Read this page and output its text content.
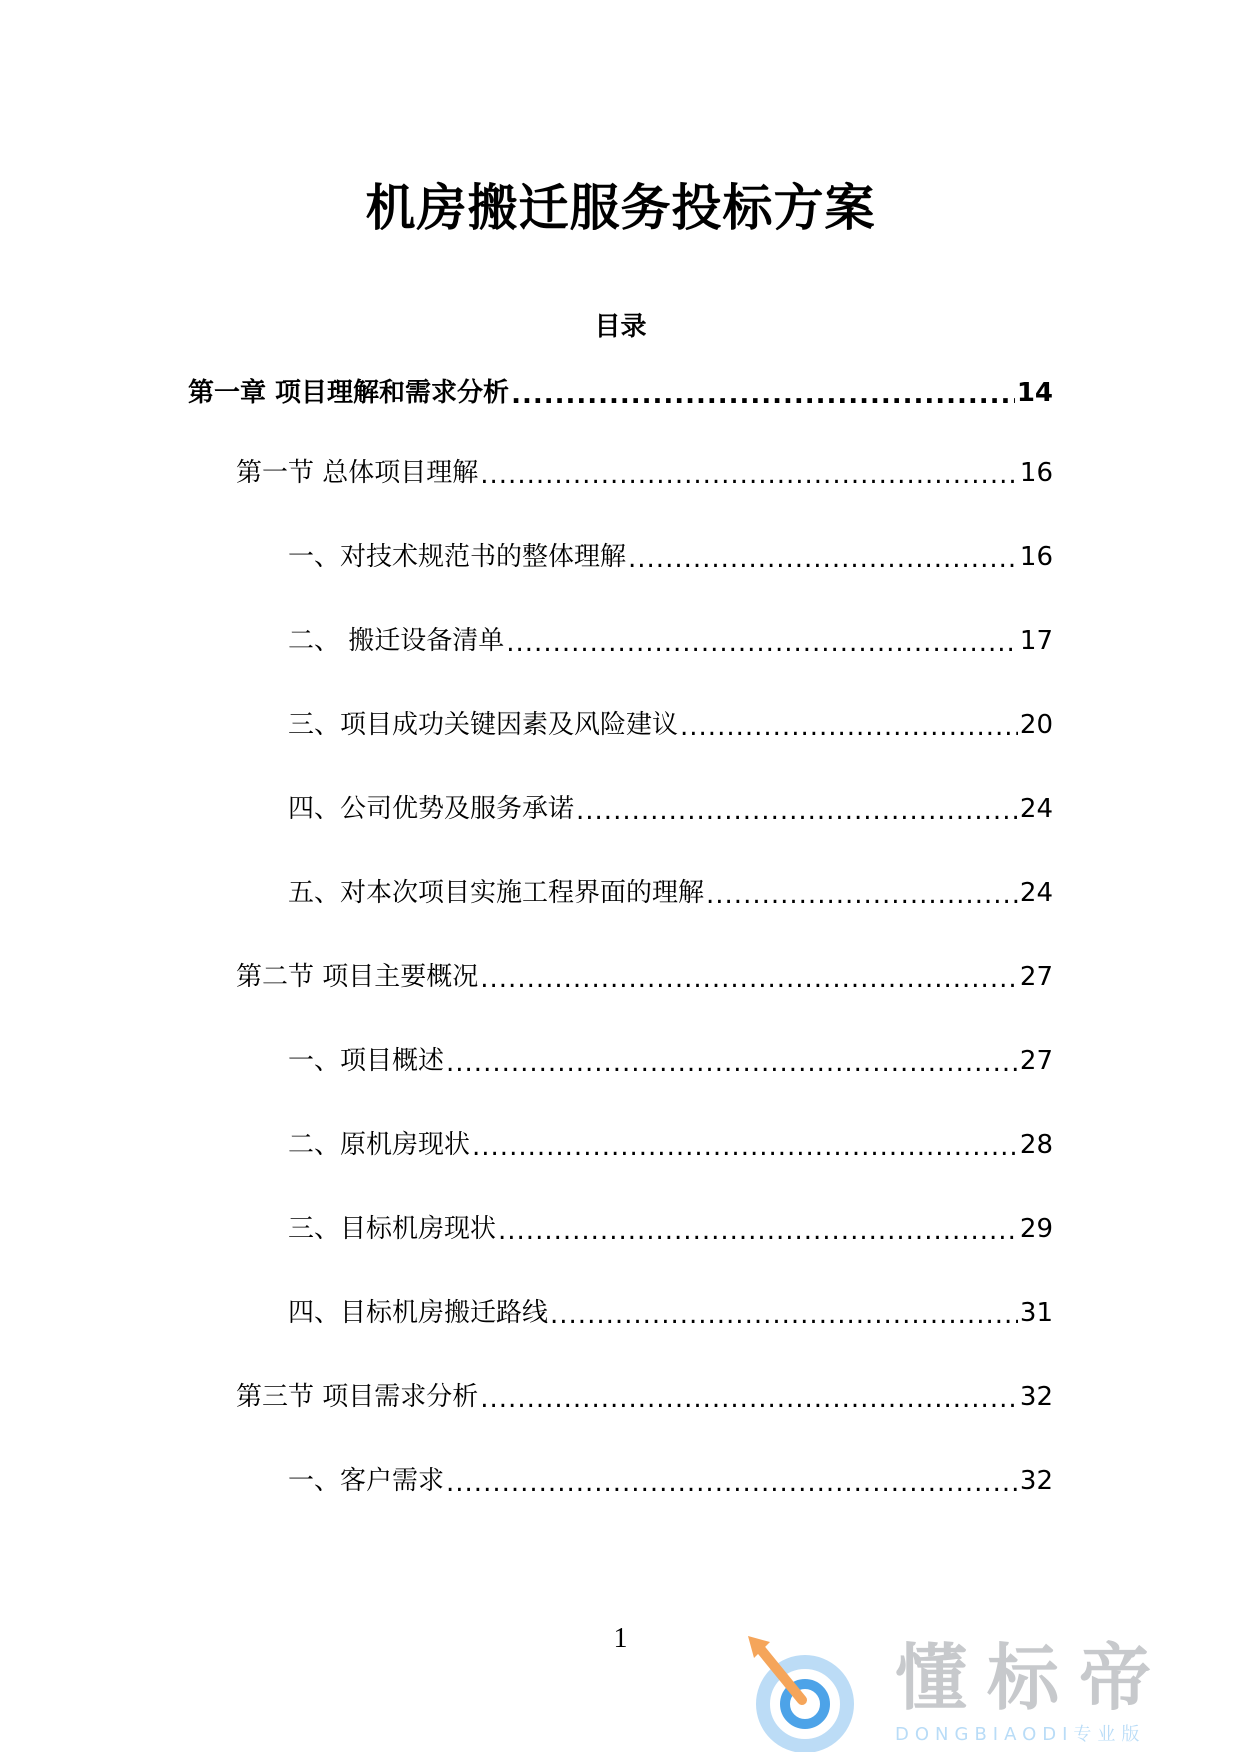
机房搬迁服务投标方案
目录
第一章 项目理解和需求分析 .....	14
第一节 总体项目理解 .....	16
一、对技术规范书的整体理解 .....	16
二、 搬迁设备清单 .....	17
三、项目成功关键因素及风险建议 .....	20
四、公司优势及服务承诺 .....	24
五、对本次项目实施工程界面的理解 .....	24
第二节 项目主要概况 .....	27
一、项目概述 .....	27
二、原机房现状 .....	28
三、目标机房现状 .....	29
四、目标机房搬迁路线 .....	31
第三节 项目需求分析 .....	32
一、客户需求 .....	32
1	懂标帝
DONGBIAODI专业版
